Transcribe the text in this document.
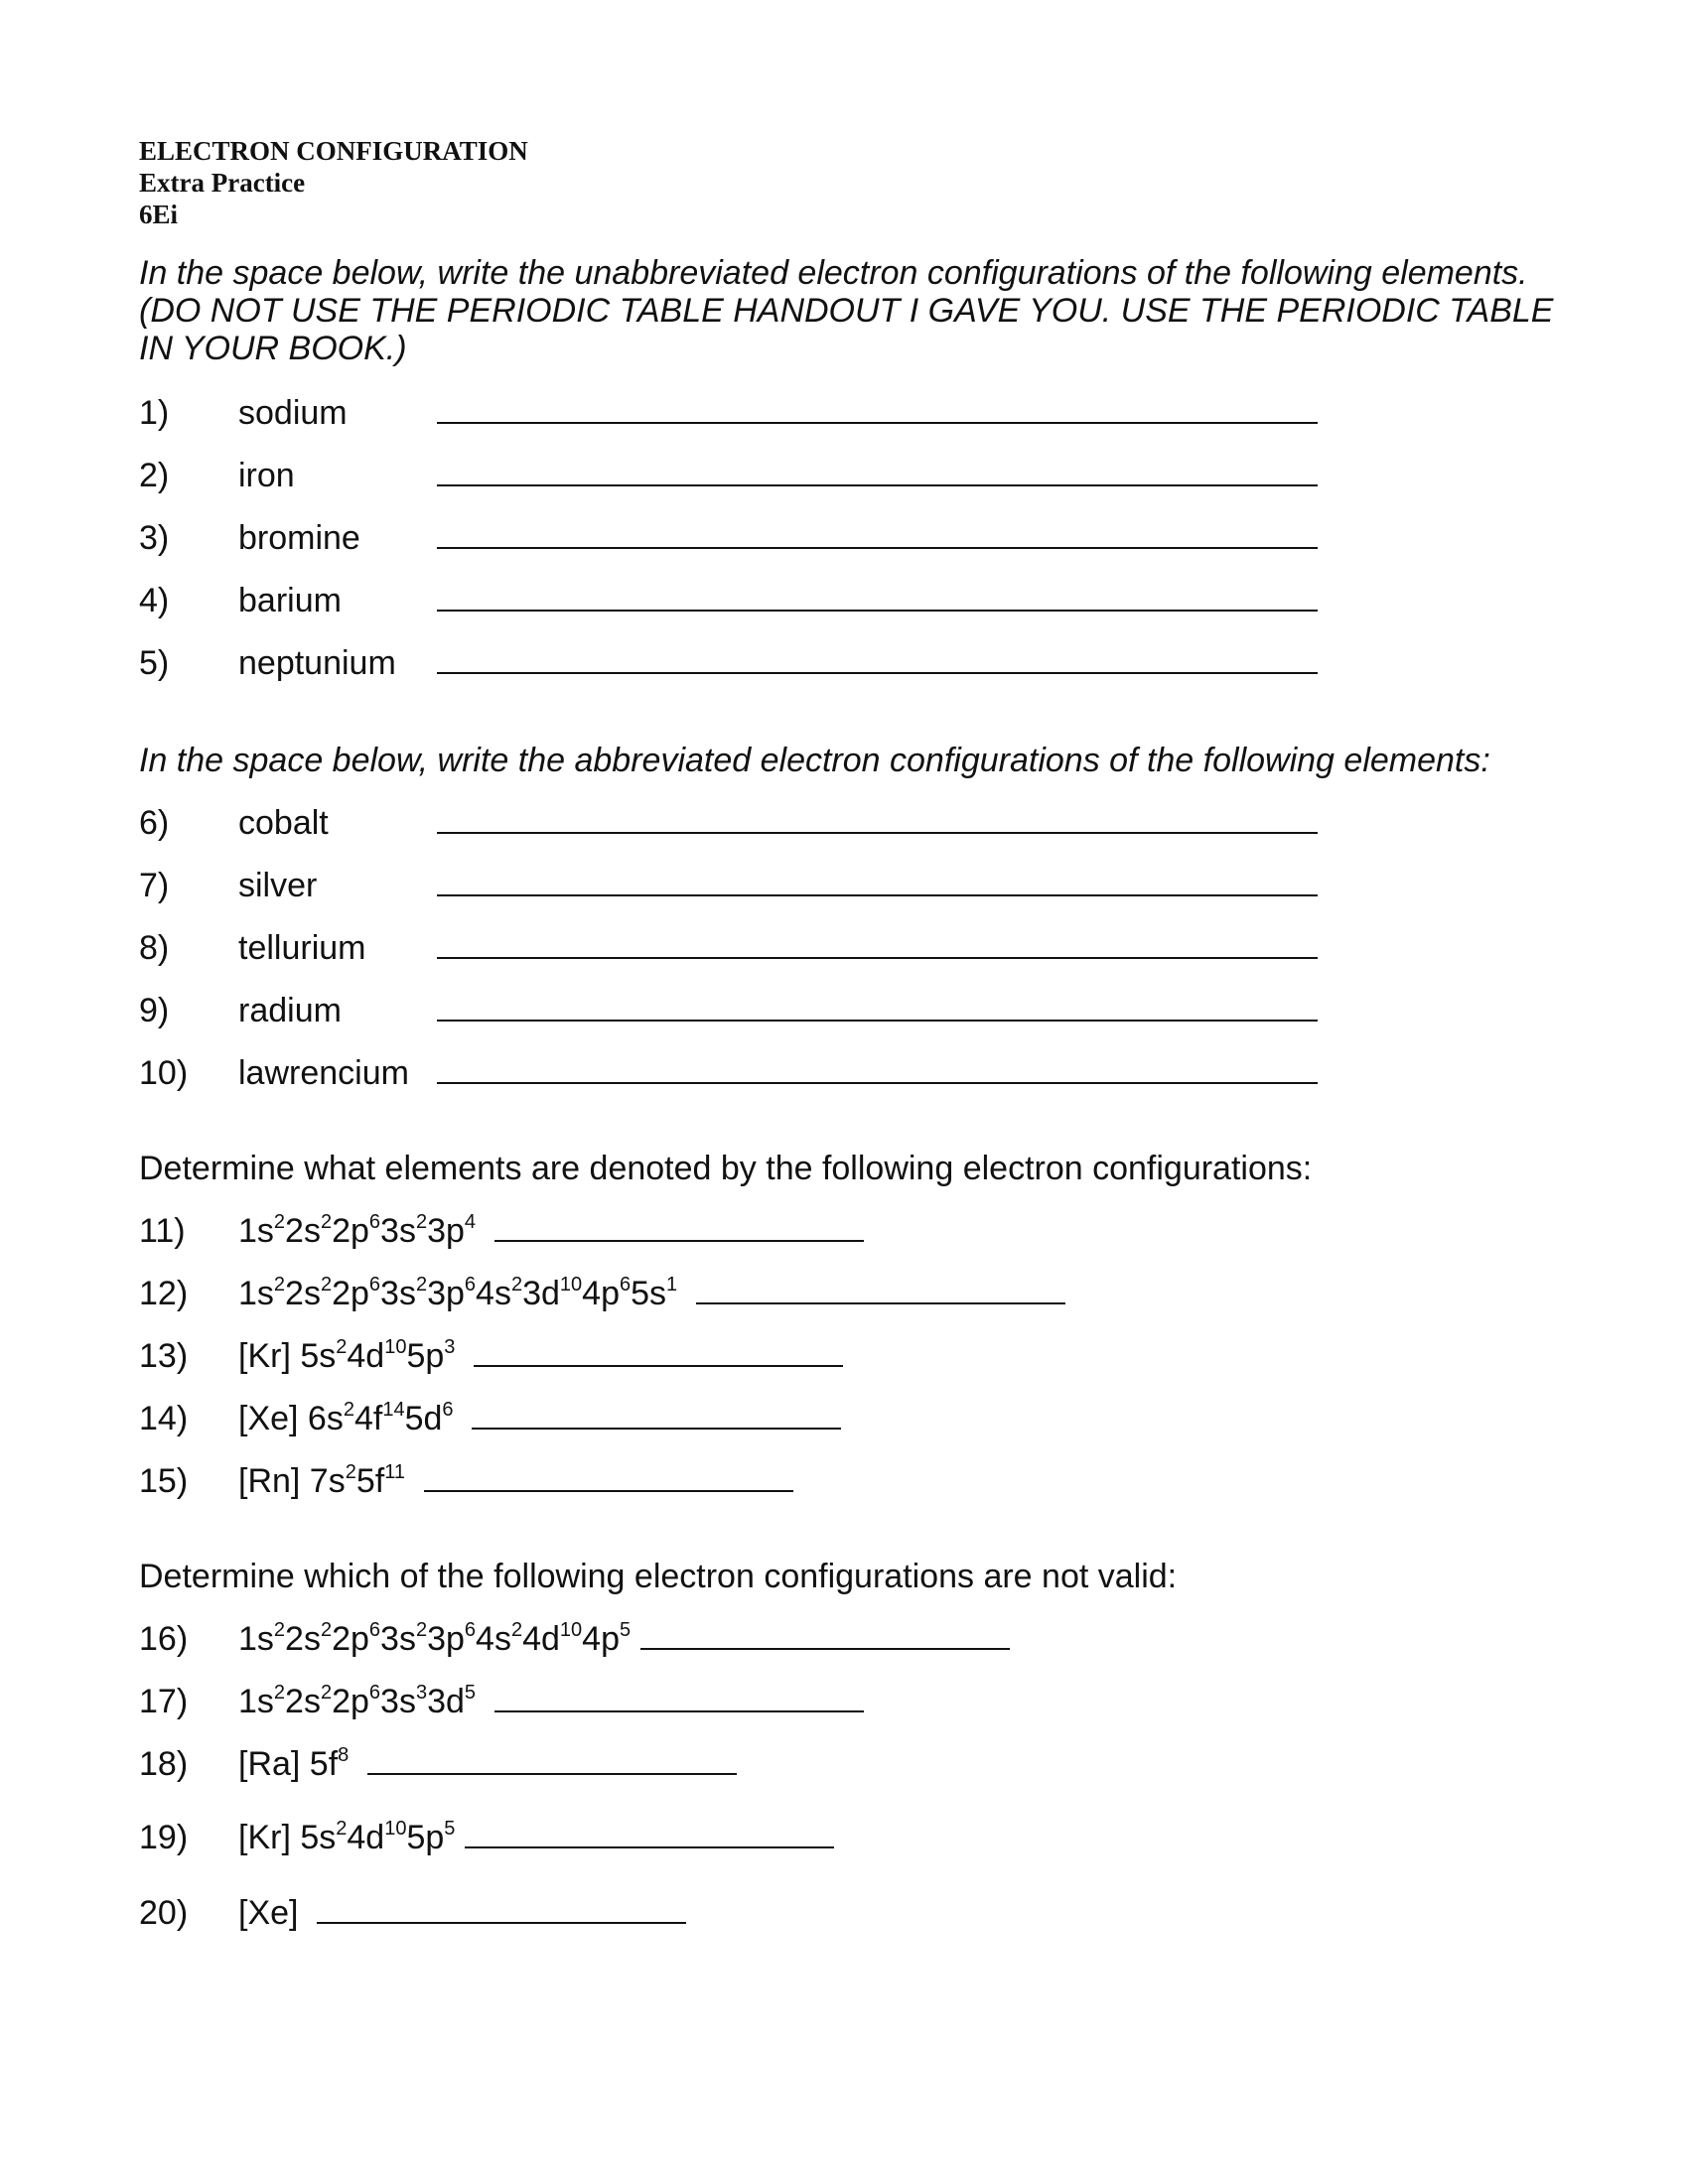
ELECTRON CONFIGURATION
Extra Practice
6Ei

In the space below, write the unabbreviated electron configurations of the following elements. (DO NOT USE THE PERIODIC TABLE HANDOUT I GAVE YOU. USE THE PERIODIC TABLE IN YOUR BOOK.)

1) sodium
2) iron
3) bromine
4) barium
5) neptunium

In the space below, write the abbreviated electron configurations of the following elements:

6) cobalt
7) silver
8) tellurium
9) radium
10) lawrencium

Determine what elements are denoted by the following electron configurations:

11) $1s^22s^22p^63s^23p^4$
12) $1s^22s^22p^63s^23p^64s^23d^{10}4p^65s^1$
13) [Kr] $5s^24d^{10}5p^3$
14) [Xe] $6s^24f^{14}5d^6$
15) [Rn] $7s^25f^{11}$

Determine which of the following electron configurations are not valid:

16) $1s^22s^22p^63s^23p^64s^24d^{10}4p^5$
17) $1s^22s^22p^63s^33d^5$
18) [Ra] $5f^8$
19) [Kr] $5s^24d^{10}5p^5$
20) [Xe]
